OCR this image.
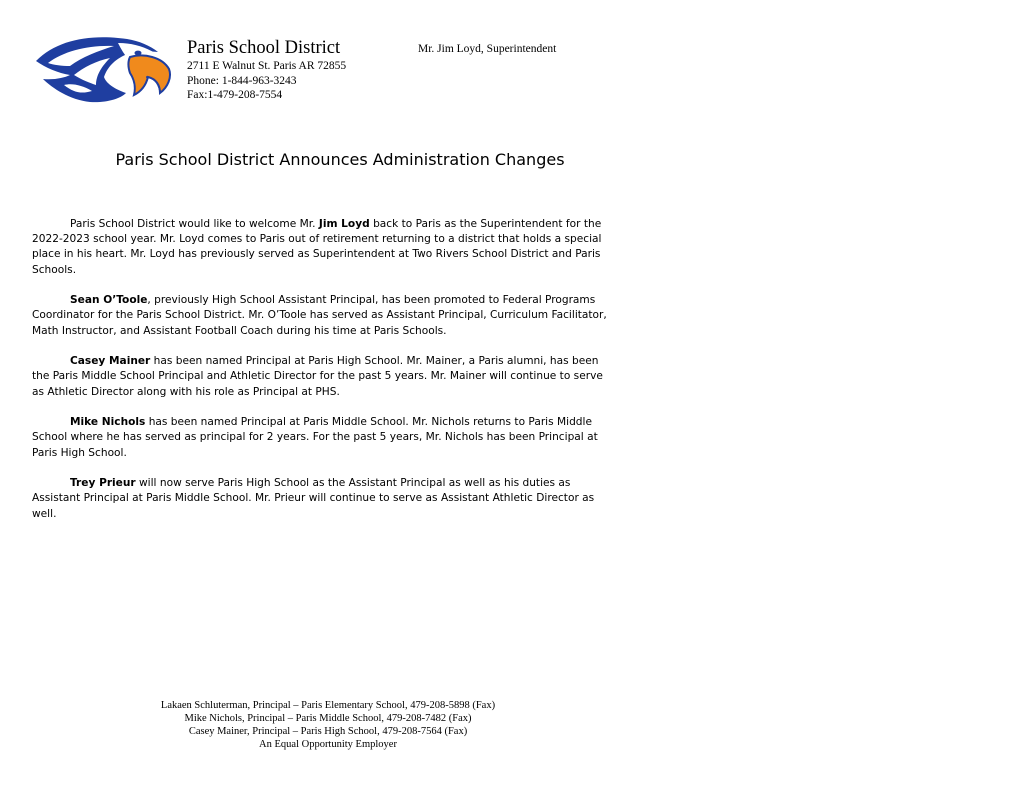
Paris School District
2711 E Walnut St. Paris AR 72855
Phone: 1-844-963-3243
Fax:1-479-208-7554
Mr. Jim Loyd, Superintendent
Paris School District Announces Administration Changes

Paris School District would like to welcome Mr. Jim Loyd back to Paris as the Superintendent for the 2022-2023 school year. Mr. Loyd comes to Paris out of retirement returning to a district that holds a special place in his heart. Mr. Loyd has previously served as Superintendent at Two Rivers School District and Paris Schools.

Sean O’Toole, previously High School Assistant Principal, has been promoted to Federal Programs Coordinator for the Paris School District. Mr. O’Toole has served as Assistant Principal, Curriculum Facilitator, Math Instructor, and Assistant Football Coach during his time at Paris Schools.

Casey Mainer has been named Principal at Paris High School. Mr. Mainer, a Paris alumni, has been the Paris Middle School Principal and Athletic Director for the past 5 years. Mr. Mainer will continue to serve as Athletic Director along with his role as Principal at PHS.

Mike Nichols has been named Principal at Paris Middle School. Mr. Nichols returns to Paris Middle School where he has served as principal for 2 years. For the past 5 years, Mr. Nichols has been Principal at Paris High School.

Trey Prieur will now serve Paris High School as the Assistant Principal as well as his duties as Assistant Principal at Paris Middle School. Mr. Prieur will continue to serve as Assistant Athletic Director as well.

Lakaen Schluterman, Principal – Paris Elementary School, 479-208-5898 (Fax)
Mike Nichols, Principal – Paris Middle School, 479-208-7482 (Fax)
Casey Mainer, Principal – Paris High School, 479-208-7564 (Fax)
An Equal Opportunity Employer
